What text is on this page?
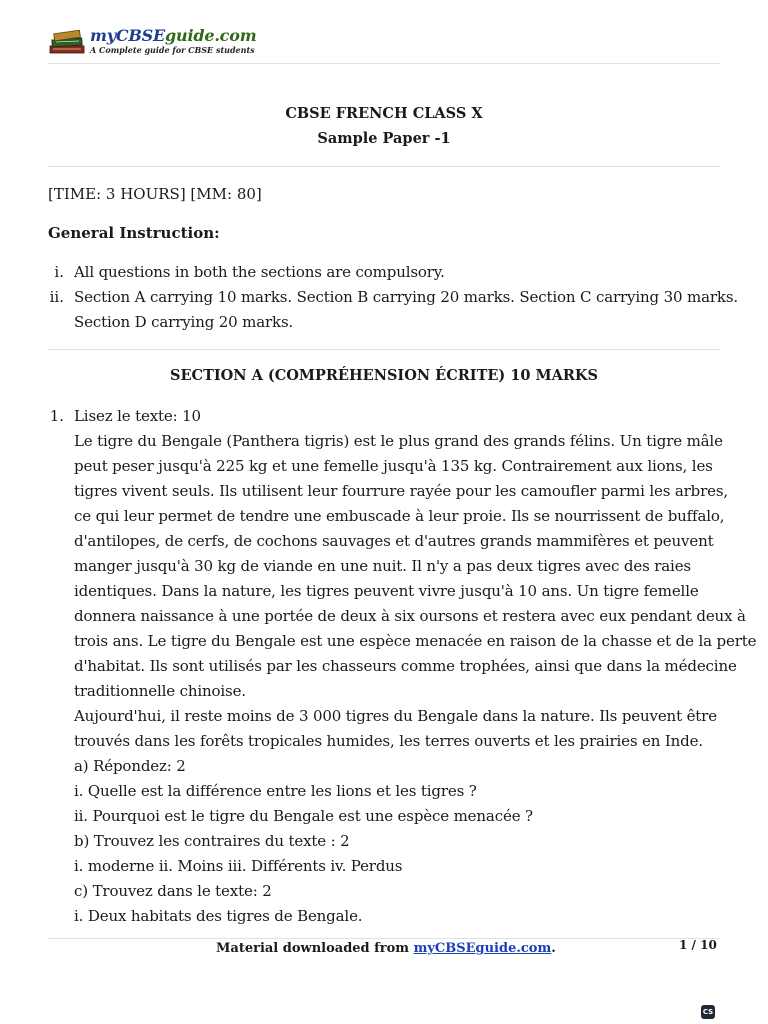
myCBSEguide.com
A Complete guide for CBSE students
CBSE FRENCH CLASS X
Sample Paper -1
[TIME: 3 HOURS] [MM: 80]
General Instruction:
i. All questions in both the sections are compulsory.
ii. Section A carrying 10 marks. Section B carrying 20 marks. Section C carrying 30 marks.
Section D carrying 20 marks.
SECTION A (COMPRÉHENSION ÉCRITE) 10 MARKS
1. Lisez le texte: 10
Le tigre du Bengale (Panthera tigris) est le plus grand des grands félins. Un tigre mâle
peut peser jusqu'à 225 kg et une femelle jusqu'à 135 kg. Contrairement aux lions, les
tigres vivent seuls. Ils utilisent leur fourrure rayée pour les camoufler parmi les arbres,
ce qui leur permet de tendre une embuscade à leur proie. Ils se nourrissent de buffalo,
d'antilopes, de cerfs, de cochons sauvages et d'autres grands mammifères et peuvent
manger jusqu'à 30 kg de viande en une nuit. Il n'y a pas deux tigres avec des raies
identiques. Dans la nature, les tigres peuvent vivre jusqu'à 10 ans. Un tigre femelle
donnera naissance à une portée de deux à six oursons et restera avec eux pendant deux à
trois ans. Le tigre du Bengale est une espèce menacée en raison de la chasse et de la perte
d'habitat. Ils sont utilisés par les chasseurs comme trophées, ainsi que dans la médecine
traditionnelle chinoise.
Aujourd'hui, il reste moins de 3 000 tigres du Bengale dans la nature. Ils peuvent être
trouvés dans les forêts tropicales humides, les terres ouverts et les prairies en Inde.
a) Répondez: 2
i. Quelle est la différence entre les lions et les tigres ?
ii. Pourquoi est le tigre du Bengale est une espèce menacée ?
b) Trouvez les contraires du texte : 2
i. moderne ii. Moins iii. Différents iv. Perdus
c) Trouvez dans le texte: 2
i. Deux habitats des tigres de Bengale.
Material downloaded from myCBSEguide.com.	1 / 10
CS
